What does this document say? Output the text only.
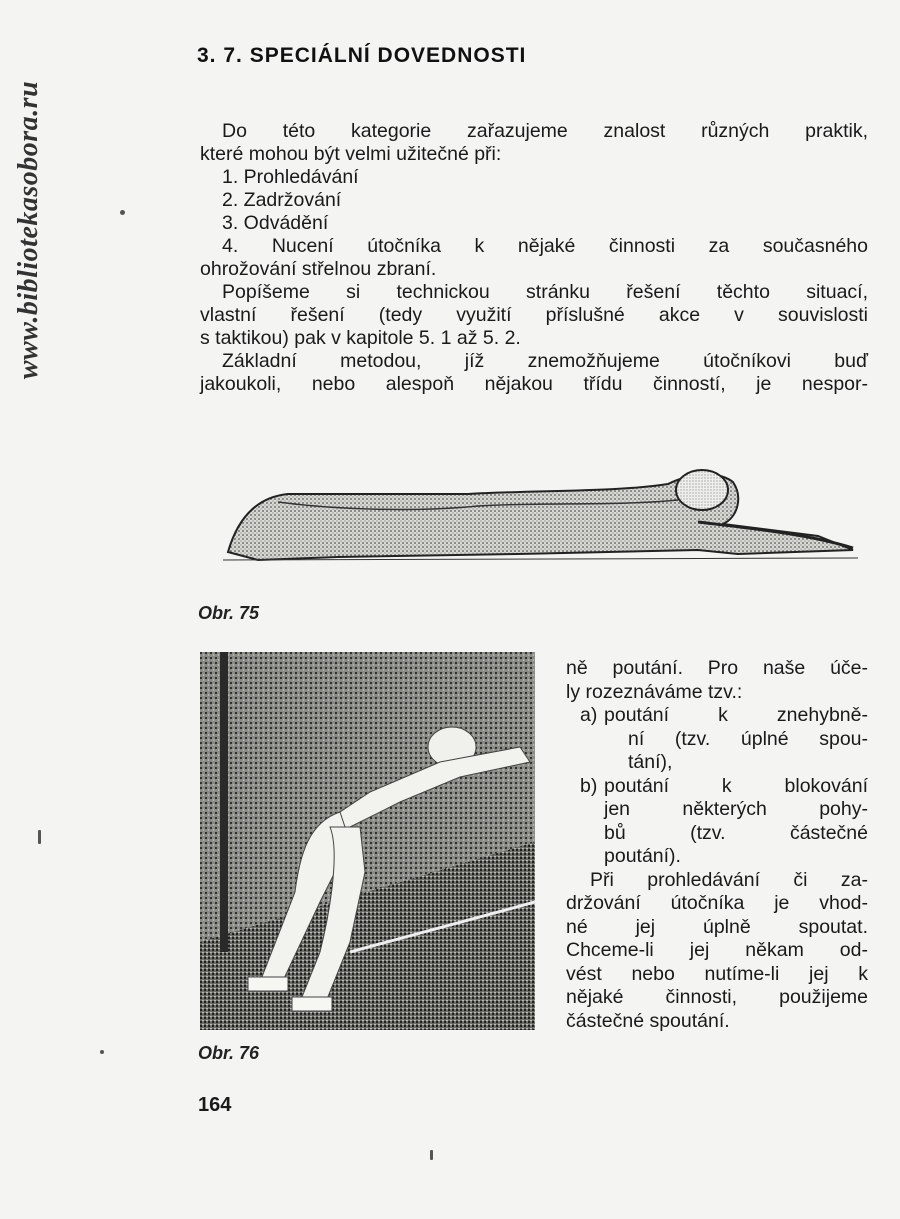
www.bibliotekasobora.ru
3. 7. SPECIÁLNÍ DOVEDNOSTI
Do této kategorie zařazujeme znalost různých praktik,
které mohou být velmi užitečné při:
1. Prohledávání
2. Zadržování
3. Odvádění
4. Nucení útočníka k nějaké činnosti za současného
ohrožování střelnou zbraní.
Popíšeme si technickou stránku řešení těchto situací,
vlastní řešení (tedy využití příslušné akce v souvislosti
s taktikou) pak v kapitole 5. 1 až 5. 2.
Základní metodou, jíž znemožňujeme útočníkovi buď
jakoukoli, nebo alespoň nějakou třídu činností, je nespor-
Obr. 75
Obr. 76
ně poutání. Pro naše úče-
ly rozeznáváme tzv.:
a) poutání k znehybně-
ní (tzv. úplné spou-
tání),
b) poutání k blokování
jen některých pohy-
bů (tzv. částečné
poutání).
Při prohledávání či za-
držování útočníka je vhod-
né jej úplně spoutat.
Chceme-li jej někam od-
vést nebo nutíme-li jej k
nějaké činnosti, použijeme
částečné spoutání.
164
